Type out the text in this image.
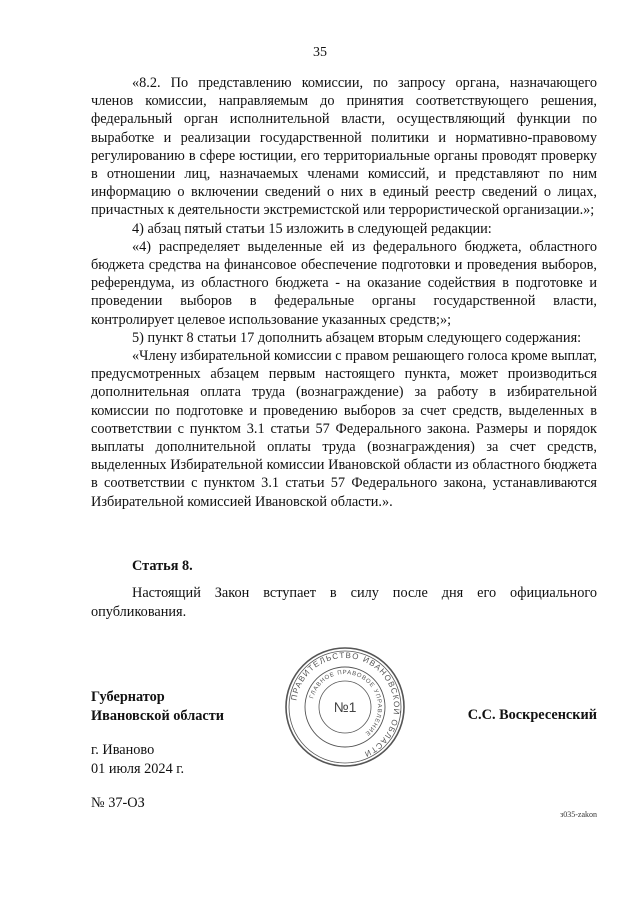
35

«8.2. По представлению комиссии, по запросу органа, назначающего членов комиссии, направляемым до принятия соответствующего решения, федеральный орган исполнительной власти, осуществляющий функции по выработке и реализации государственной политики и нормативно-правовому регулированию в сфере юстиции, его территориальные органы проводят проверку в отношении лиц, назначаемых членами комиссий, и представляют по ним информацию о включении сведений о них в единый реестр сведений о лицах, причастных к деятельности экстремистской или террористической организации.»;

4) абзац пятый статьи 15 изложить в следующей редакции:

«4) распределяет выделенные ей из федерального бюджета, областного бюджета средства на финансовое обеспечение подготовки и проведения выборов, референдума, из областного бюджета - на оказание содействия в подготовке и проведении выборов в федеральные органы государственной власти, контролирует целевое использование указанных средств;»;

5) пункт 8 статьи 17 дополнить абзацем вторым следующего содержания:

«Члену избирательной комиссии с правом решающего голоса кроме выплат, предусмотренных абзацем первым настоящего пункта, может производиться дополнительная оплата труда (вознаграждение) за работу в избирательной комиссии по подготовке и проведению выборов за счет средств, выделенных в соответствии с пунктом 3.1 статьи 57 Федерального закона. Размеры и порядок выплаты дополнительной оплаты труда (вознаграждения) за счет средств, выделенных Избирательной комиссии Ивановской области из областного бюджета в соответствии с пунктом 3.1 статьи 57 Федерального закона, устанавливаются Избирательной комиссией Ивановской области.».

Статья 8.

Настоящий Закон вступает в силу после дня его официального опубликования.

ПРАВИТЕЛЬСТВО ИВАНОВСКОЙ ОБЛАСТИ
ГЛАВНОЕ ПРАВОВОЕ УПРАВЛЕНИЕ
№1
Губернатор
Ивановской области	С.С. Воскресенский
г. Иваново
01 июля 2024 г.
№ 37-ОЗ
з035-zakon
